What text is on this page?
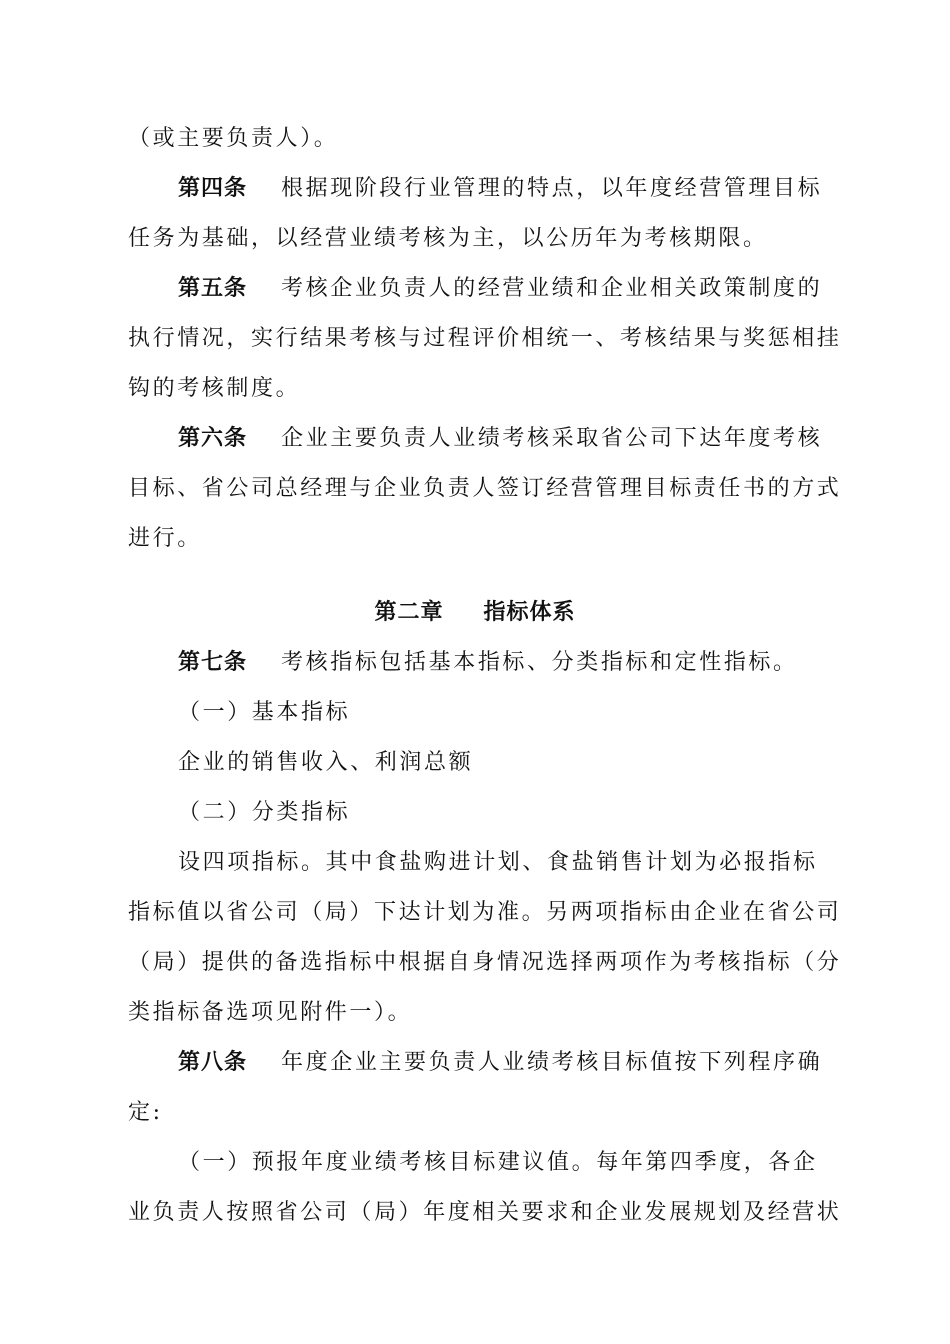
（或主要负责人）。
第四条 根据现阶段行业管理的特点，以年度经营管理目标
任务为基础，以经营业绩考核为主，以公历年为考核期限。
第五条 考核企业负责人的经营业绩和企业相关政策制度的
执行情况，实行结果考核与过程评价相统一、考核结果与奖惩相挂
钩的考核制度。
第六条 企业主要负责人业绩考核采取省公司下达年度考核
目标、省公司总经理与企业负责人签订经营管理目标责任书的方式
进行。
第二章 指标体系
第七条 考核指标包括基本指标、分类指标和定性指标。
（一）基本指标
企业的销售收入、利润总额
（二）分类指标
设四项指标。其中食盐购进计划、食盐销售计划为必报指标
指标值以省公司（局）下达计划为准。另两项指标由企业在省公司
（局）提供的备选指标中根据自身情况选择两项作为考核指标（分
类指标备选项见附件一）。
第八条 年度企业主要负责人业绩考核目标值按下列程序确
定:
（一）预报年度业绩考核目标建议值。每年第四季度，各企
业负责人按照省公司（局）年度相关要求和企业发展规划及经营状
